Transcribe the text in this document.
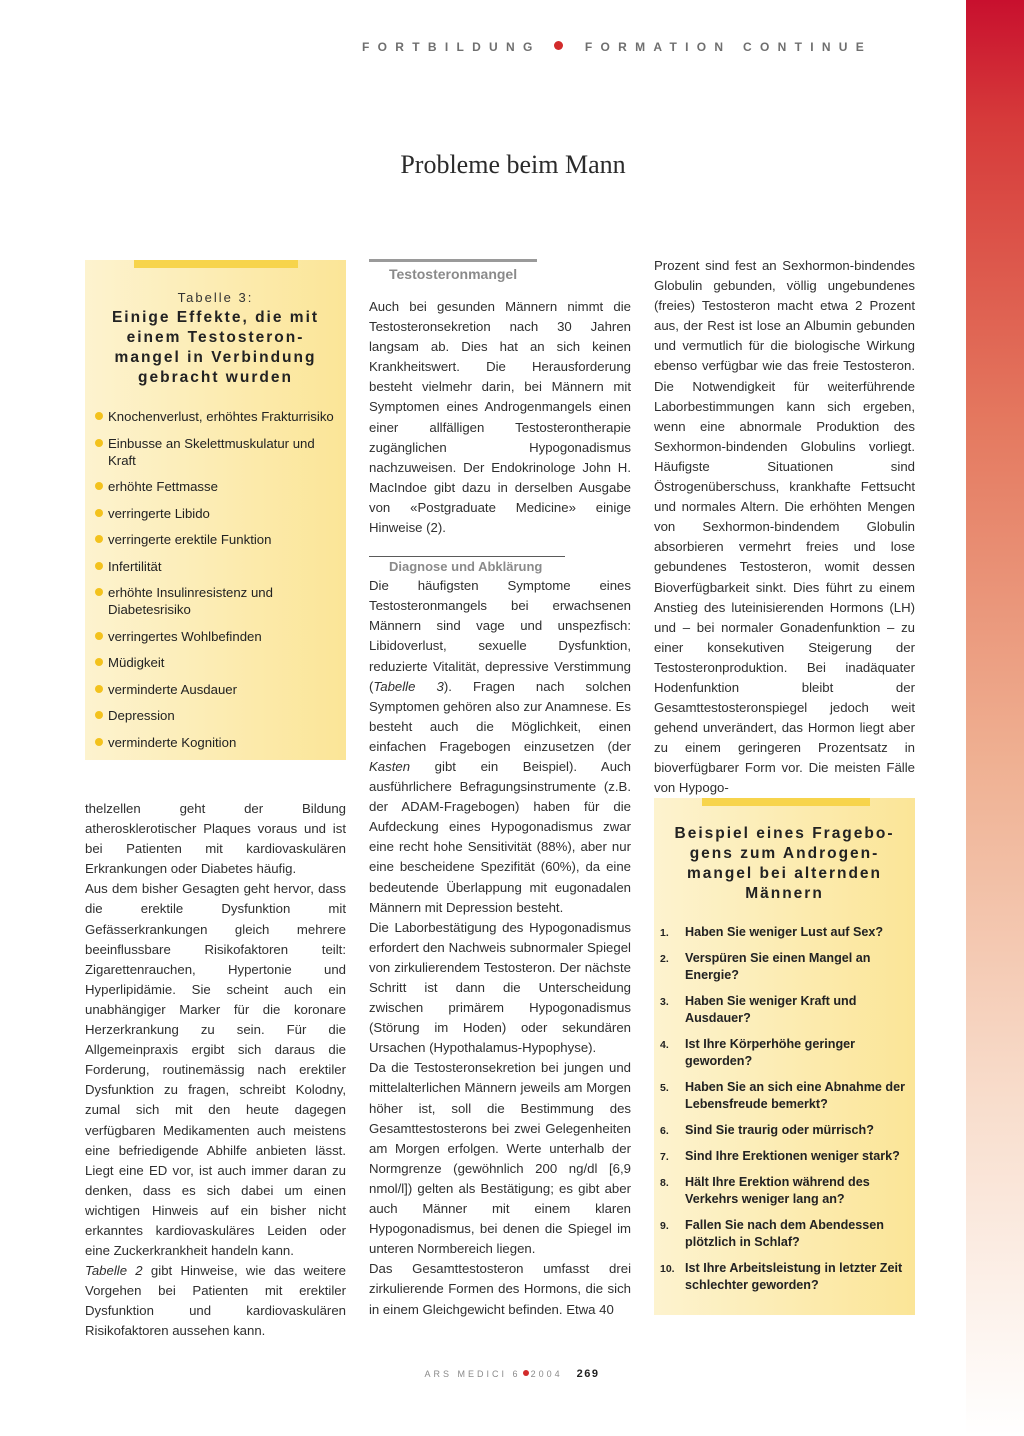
FORTBILDUNG	FORMATION CONTINUE
Probleme beim Mann
Tabelle 3:
Einige Effekte, die mit
einem Testosteron-
mangel in Verbindung
gebracht wurden
Knochenverlust, erhöhtes Frakturrisiko
Einbusse an Skelettmuskulatur und Kraft
erhöhte Fettmasse
verringerte Libido
verringerte erektile Funktion
Infertilität
erhöhte Insulinresistenz und Diabetesrisiko
verringertes Wohlbefinden
Müdigkeit
verminderte Ausdauer
Depression
verminderte Kognition

thelzellen geht der Bildung atherosklerotischer Plaques voraus und ist bei Patienten mit kardiovaskulären Erkrankungen oder Diabetes häufig.

Aus dem bisher Gesagten geht hervor, dass die erektile Dysfunktion mit Gefässerkrankungen gleich mehrere beeinflussbare Risikofaktoren teilt: Zigarettenrauchen, Hypertonie und Hyperlipidämie. Sie scheint auch ein unabhängiger Marker für die koronare Herzerkrankung zu sein. Für die Allgemeinpraxis ergibt sich daraus die Forderung, routinemässig nach erektiler Dysfunktion zu fragen, schreibt Kolodny, zumal sich mit den heute dagegen verfügbaren Medikamenten auch meistens eine befriedigende Abhilfe anbieten lässt. Liegt eine ED vor, ist auch immer daran zu denken, dass es sich dabei um einen wichtigen Hinweis auf ein bisher nicht erkanntes kardiovaskuläres Leiden oder eine Zuckerkrankheit handeln kann.

Tabelle 2 gibt Hinweise, wie das weitere Vorgehen bei Patienten mit erektiler Dysfunktion und kardiovaskulären Risikofaktoren aussehen kann.

Testosteronmangel

Auch bei gesunden Männern nimmt die Testosteronsekretion nach 30 Jahren langsam ab. Dies hat an sich keinen Krankheitswert. Die Herausforderung besteht vielmehr darin, bei Männern mit Symptomen eines Androgenmangels einen einer allfälligen Testosterontherapie zugänglichen Hypogonadismus nachzuweisen. Der Endokrinologe John H. MacIndoe gibt dazu in derselben Ausgabe von «Postgraduate Medicine» einige Hinweise (2).

Diagnose und Abklärung

Die häufigsten Symptome eines Testosteronmangels bei erwachsenen Männern sind vage und unspezfisch: Libidoverlust, sexuelle Dysfunktion, reduzierte Vitalität, depressive Verstimmung (Tabelle 3). Fragen nach solchen Symptomen gehören also zur Anamnese. Es besteht auch die Möglichkeit, einen einfachen Fragebogen einzusetzen (der Kasten gibt ein Beispiel). Auch ausführlichere Befragungsinstrumente (z.B. der ADAM-Fragebogen) haben für die Aufdeckung eines Hypogonadismus zwar eine recht hohe Sensitivität (88%), aber nur eine bescheidene Spezifität (60%), da eine bedeutende Überlappung mit eugonadalen Männern mit Depression besteht.

Die Laborbestätigung des Hypogonadismus erfordert den Nachweis subnormaler Spiegel von zirkulierendem Testosteron. Der nächste Schritt ist dann die Unterscheidung zwischen primärem Hypogonadismus (Störung im Hoden) oder sekundären Ursachen (Hypothalamus-Hypophyse).

Da die Testosteronsekretion bei jungen und mittelalterlichen Männern jeweils am Morgen höher ist, soll die Bestimmung des Gesamttestosterons bei zwei Gelegenheiten am Morgen erfolgen. Werte unterhalb der Normgrenze (gewöhnlich 200 ng/dl [6,9 nmol/l]) gelten als Bestätigung; es gibt aber auch Männer mit einem klaren Hypogonadismus, bei denen die Spiegel im unteren Normbereich liegen.

Das Gesamttestosteron umfasst drei zirkulierende Formen des Hormons, die sich in einem Gleichgewicht befinden. Etwa 40

Prozent sind fest an Sexhormon-bindendes Globulin gebunden, völlig ungebundenes (freies) Testosteron macht etwa 2 Prozent aus, der Rest ist lose an Albumin gebunden und vermutlich für die biologische Wirkung ebenso verfügbar wie das freie Testosteron. Die Notwendigkeit für weiterführende Laborbestimmungen kann sich ergeben, wenn eine abnormale Produktion des Sexhormon-bindenden Globulins vorliegt. Häufigste Situationen sind Östrogenüberschuss, krankhafte Fettsucht und normales Altern. Die erhöhten Mengen von Sexhormon-bindendem Globulin absorbieren vermehrt freies und lose gebundenes Testosteron, womit dessen Bioverfügbarkeit sinkt. Dies führt zu einem Anstieg des luteinisierenden Hormons (LH) und – bei normaler Gonadenfunktion – zu einer konsekutiven Steigerung der Testosteronproduktion. Bei inadäquater Hodenfunktion bleibt der Gesamttestosteronspiegel jedoch weit gehend unverändert, das Hormon liegt aber zu einem geringeren Prozentsatz in bioverfügbarer Form vor. Die meisten Fälle von Hypogo-

Beispiel eines Fragebo-
gens zum Androgen-
mangel bei alternden
Männern
1. Haben Sie weniger Lust auf Sex?
2. Verspüren Sie einen Mangel an Energie?
3. Haben Sie weniger Kraft und Ausdauer?
4. Ist Ihre Körperhöhe geringer geworden?
5. Haben Sie an sich eine Abnahme der Lebensfreude bemerkt?
6. Sind Sie traurig oder mürrisch?
7. Sind Ihre Erektionen weniger stark?
8. Hält Ihre Erektion während des Verkehrs weniger lang an?
9. Fallen Sie nach dem Abendessen plötzlich in Schlaf?
10. Ist Ihre Arbeitsleistung in letzter Zeit schlechter geworden?
ARS MEDICI 6 2004 269
